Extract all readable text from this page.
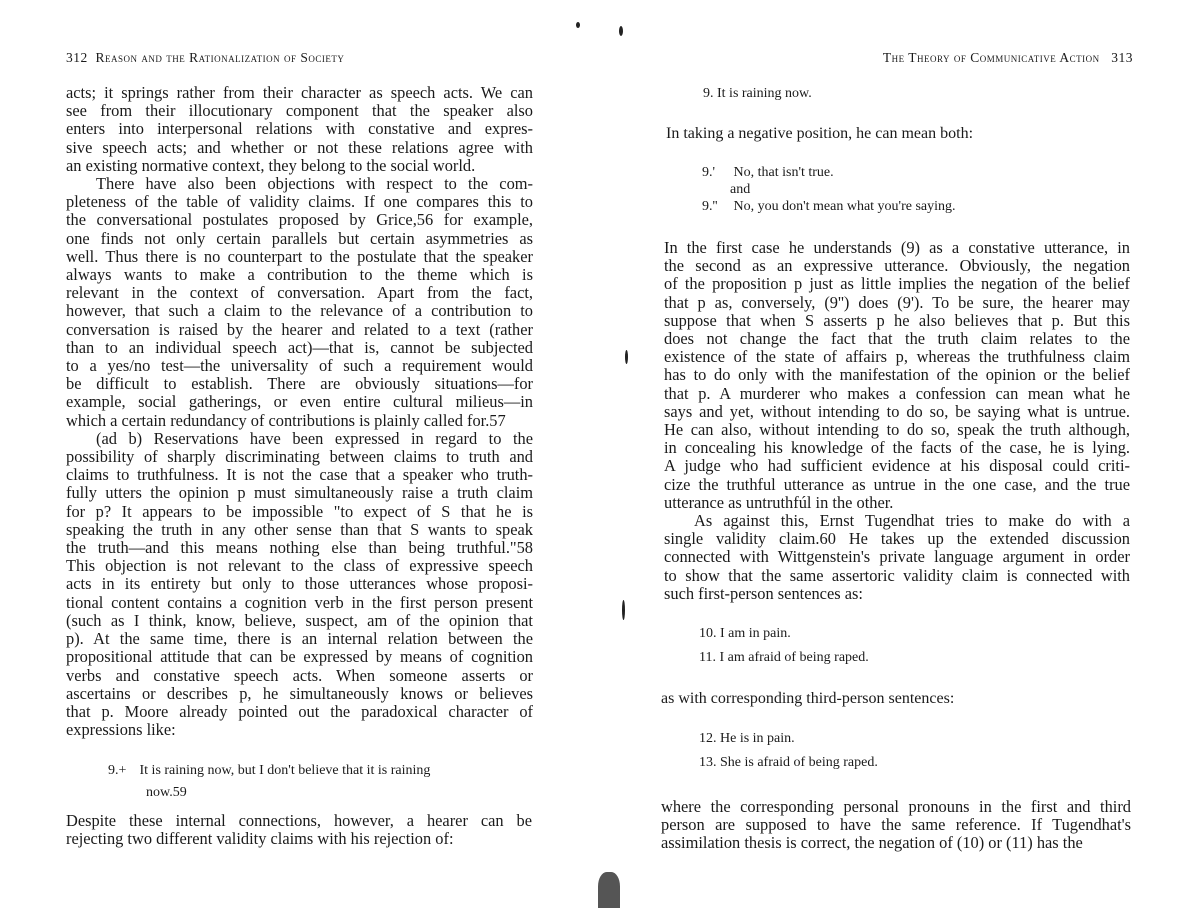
312 Reason and the Rationalization of Society
acts; it springs rather from their character as speech acts. We can
see from their illocutionary component that the speaker also
enters into interpersonal relations with constative and expres-
sive speech acts; and whether or not these relations agree with
an existing normative context, they belong to the social world.
There have also been objections with respect to the com-
pleteness of the table of validity claims. If one compares this to
the conversational postulates proposed by Grice,56 for example,
one finds not only certain parallels but certain asymmetries as
well. Thus there is no counterpart to the postulate that the speaker
always wants to make a contribution to the theme which is
relevant in the context of conversation. Apart from the fact,
however, that such a claim to the relevance of a contribution to
conversation is raised by the hearer and related to a text (rather
than to an individual speech act)—that is, cannot be subjected
to a yes/no test—the universality of such a requirement would
be difficult to establish. There are obviously situations—for
example, social gatherings, or even entire cultural milieus—in
which a certain redundancy of contributions is plainly called for.57
(ad b) Reservations have been expressed in regard to the
possibility of sharply discriminating between claims to truth and
claims to truthfulness. It is not the case that a speaker who truth-
fully utters the opinion p must simultaneously raise a truth claim
for p? It appears to be impossible "to expect of S that he is
speaking the truth in any other sense than that S wants to speak
the truth—and this means nothing else than being truthful."58
This objection is not relevant to the class of expressive speech
acts in its entirety but only to those utterances whose proposi-
tional content contains a cognition verb in the first person present
(such as I think, know, believe, suspect, am of the opinion that
p). At the same time, there is an internal relation between the
propositional attitude that can be expressed by means of cognition
verbs and constative speech acts. When someone asserts or
ascertains or describes p, he simultaneously knows or believes
that p. Moore already pointed out the paradoxical character of
expressions like:
9.+ It is raining now, but I don't believe that it is raining
now.59
Despite these internal connections, however, a hearer can be
rejecting two different validity claims with his rejection of:
The Theory of Communicative Action 313
9. It is raining now.
In taking a negative position, he can mean both:
9.' No, that isn't true.
and
9.'' No, you don't mean what you're saying.
In the first case he understands (9) as a constative utterance, in
the second as an expressive utterance. Obviously, the negation
of the proposition p just as little implies the negation of the belief
that p as, conversely, (9'') does (9'). To be sure, the hearer may
suppose that when S asserts p he also believes that p. But this
does not change the fact that the truth claim relates to the
existence of the state of affairs p, whereas the truthfulness claim
has to do only with the manifestation of the opinion or the belief
that p. A murderer who makes a confession can mean what he
says and yet, without intending to do so, be saying what is untrue.
He can also, without intending to do so, speak the truth although,
in concealing his knowledge of the facts of the case, he is lying.
A judge who had sufficient evidence at his disposal could criti-
cize the truthful utterance as untrue in the one case, and the true
utterance as untruthfúl in the other.
As against this, Ernst Tugendhat tries to make do with a
single validity claim.60 He takes up the extended discussion
connected with Wittgenstein's private language argument in order
to show that the same assertoric validity claim is connected with
such first-person sentences as:
10. I am in pain.
11. I am afraid of being raped.
as with corresponding third-person sentences:
12. He is in pain.
13. She is afraid of being raped.
where the corresponding personal pronouns in the first and third
person are supposed to have the same reference. If Tugendhat's
assimilation thesis is correct, the negation of (10) or (11) has the
